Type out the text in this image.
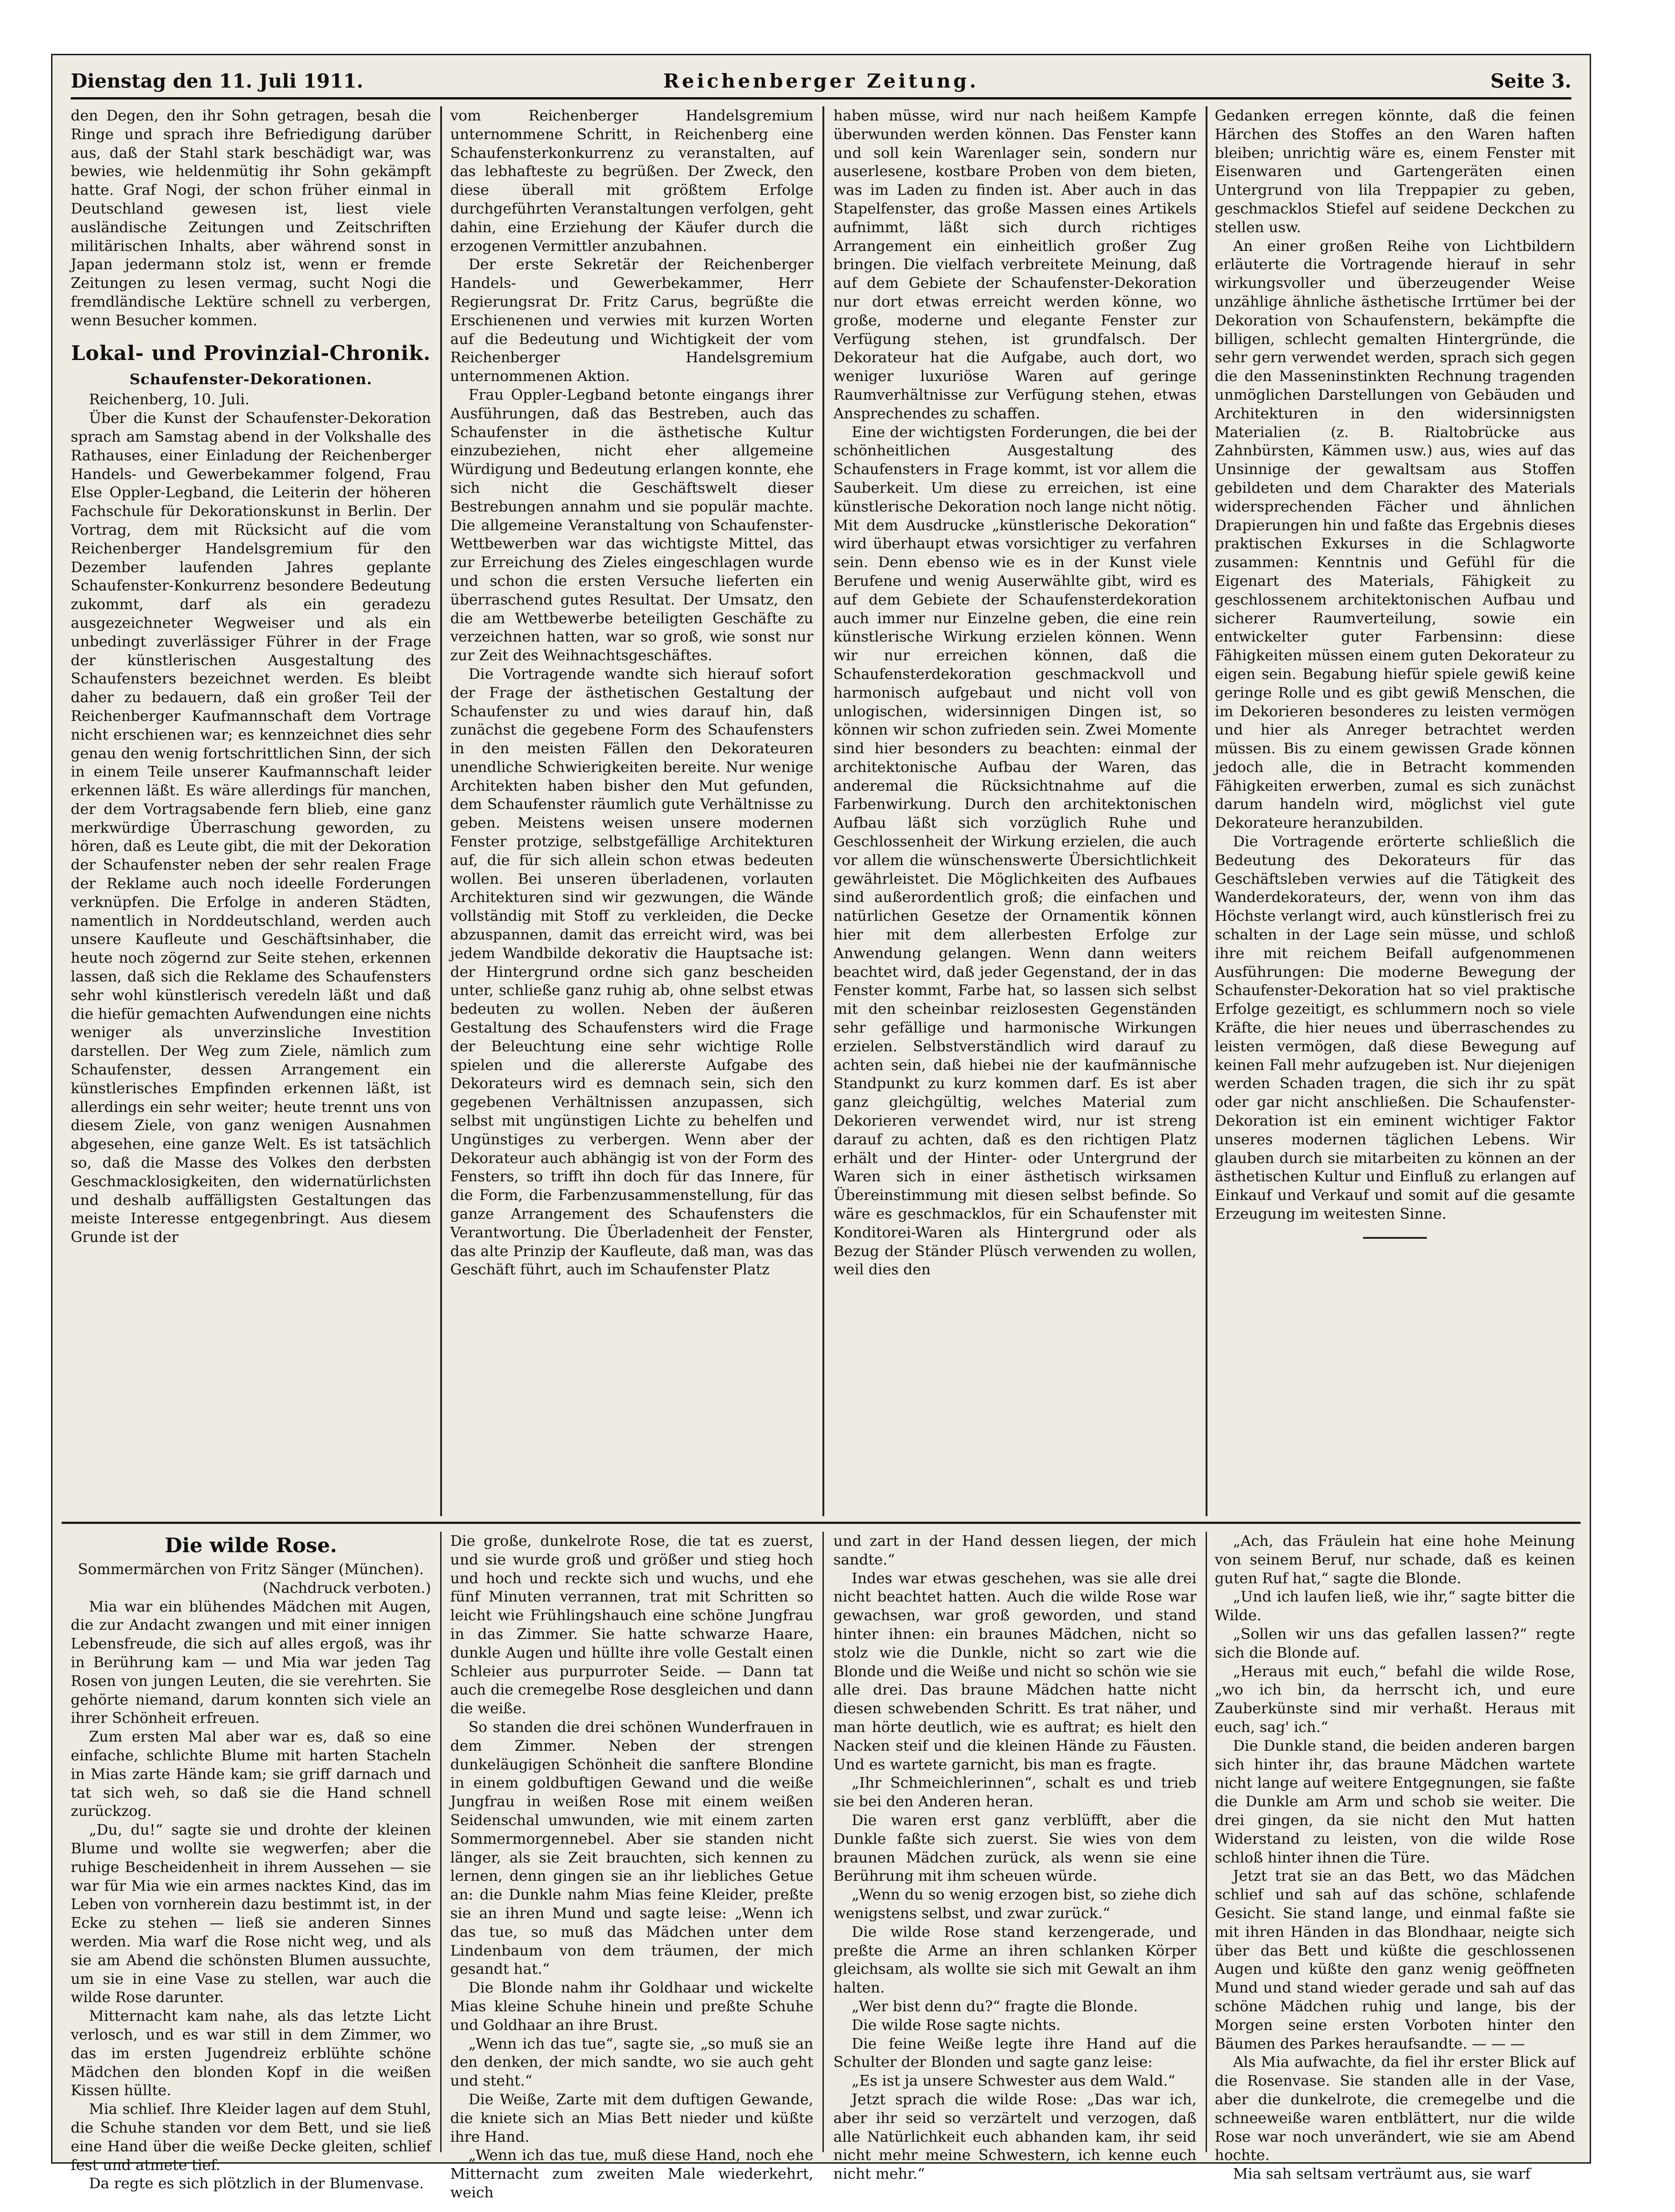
Dienstag den 11. Juli 1911.	Reichenberger Zeitung.	Seite 3.

den Degen, den ihr Sohn getragen, besah die Ringe und sprach ihre Befriedigung darüber aus, daß der Stahl stark beschädigt war, was bewies, wie heldenmütig ihr Sohn gekämpft hatte. Graf Nogi, der schon früher einmal in Deutschland gewesen ist, liest viele ausländische Zeitungen und Zeitschriften militärischen Inhalts, aber während sonst in Japan jedermann stolz ist, wenn er fremde Zeitungen zu lesen vermag, sucht Nogi die fremdländische Lektüre schnell zu verbergen, wenn Besucher kommen.

Lokal- und Provinzial-Chronik.
Schaufenster-Dekorationen.

Reichenberg, 10. Juli.

Über die Kunst der Schaufenster-Dekoration sprach am Samstag abend in der Volkshalle des Rathauses, einer Einladung der Reichenberger Handels- und Gewerbekammer folgend, Frau Else Oppler-Legband, die Leiterin der höheren Fachschule für Dekorationskunst in Berlin. Der Vortrag, dem mit Rücksicht auf die vom Reichenberger Handelsgremium für den Dezember laufenden Jahres geplante Schaufenster-Konkurrenz besondere Bedeutung zukommt, darf als ein geradezu ausgezeichneter Wegweiser und als ein unbedingt zuverlässiger Führer in der Frage der künstlerischen Ausgestaltung des Schaufensters bezeichnet werden. Es bleibt daher zu bedauern, daß ein großer Teil der Reichenberger Kaufmannschaft dem Vortrage nicht erschienen war; es kennzeichnet dies sehr genau den wenig fortschrittlichen Sinn, der sich in einem Teile unserer Kaufmannschaft leider erkennen läßt. Es wäre allerdings für manchen, der dem Vortragsabende fern blieb, eine ganz merkwürdige Überraschung geworden, zu hören, daß es Leute gibt, die mit der Dekoration der Schaufenster neben der sehr realen Frage der Reklame auch noch ideelle Forderungen verknüpfen. Die Erfolge in anderen Städten, namentlich in Norddeutschland, werden auch unsere Kaufleute und Geschäftsinhaber, die heute noch zögernd zur Seite stehen, erkennen lassen, daß sich die Reklame des Schaufensters sehr wohl künstlerisch veredeln läßt und daß die hiefür gemachten Aufwendungen eine nichts weniger als unverzinsliche Investition darstellen. Der Weg zum Ziele, nämlich zum Schaufenster, dessen Arrangement ein künstlerisches Empfinden erkennen läßt, ist allerdings ein sehr weiter; heute trennt uns von diesem Ziele, von ganz wenigen Ausnahmen abgesehen, eine ganze Welt. Es ist tatsächlich so, daß die Masse des Volkes den derbsten Geschmacklosigkeiten, den widernatürlichsten und deshalb auffälligsten Gestaltungen das meiste Interesse entgegenbringt. Aus diesem Grunde ist der

vom Reichenberger Handelsgremium unternommene Schritt, in Reichenberg eine Schaufensterkonkurrenz zu veranstalten, auf das lebhafteste zu begrüßen. Der Zweck, den diese überall mit größtem Erfolge durchgeführten Veranstaltungen verfolgen, geht dahin, eine Erziehung der Käufer durch die erzogenen Vermittler anzubahnen.

Der erste Sekretär der Reichenberger Handels- und Gewerbekammer, Herr Regierungsrat Dr. Fritz Carus, begrüßte die Erschienenen und verwies mit kurzen Worten auf die Bedeutung und Wichtigkeit der vom Reichenberger Handelsgremium unternommenen Aktion.

Frau Oppler-Legband betonte eingangs ihrer Ausführungen, daß das Bestreben, auch das Schaufenster in die ästhetische Kultur einzubeziehen, nicht eher allgemeine Würdigung und Bedeutung erlangen konnte, ehe sich nicht die Geschäftswelt dieser Bestrebungen annahm und sie populär machte. Die allgemeine Veranstaltung von Schaufenster-Wettbewerben war das wichtigste Mittel, das zur Erreichung des Zieles eingeschlagen wurde und schon die ersten Versuche lieferten ein überraschend gutes Resultat. Der Umsatz, den die am Wettbewerbe beteiligten Geschäfte zu verzeichnen hatten, war so groß, wie sonst nur zur Zeit des Weihnachtsgeschäftes.

Die Vortragende wandte sich hierauf sofort der Frage der ästhetischen Gestaltung der Schaufenster zu und wies darauf hin, daß zunächst die gegebene Form des Schaufensters in den meisten Fällen den Dekorateuren unendliche Schwierigkeiten bereite. Nur wenige Architekten haben bisher den Mut gefunden, dem Schaufenster räumlich gute Verhältnisse zu geben. Meistens weisen unsere modernen Fenster protzige, selbstgefällige Architekturen auf, die für sich allein schon etwas bedeuten wollen. Bei unseren überladenen, vorlauten Architekturen sind wir gezwungen, die Wände vollständig mit Stoff zu verkleiden, die Decke abzuspannen, damit das erreicht wird, was bei jedem Wandbilde dekorativ die Hauptsache ist: der Hintergrund ordne sich ganz bescheiden unter, schließe ganz ruhig ab, ohne selbst etwas bedeuten zu wollen. Neben der äußeren Gestaltung des Schaufensters wird die Frage der Beleuchtung eine sehr wichtige Rolle spielen und die allererste Aufgabe des Dekorateurs wird es demnach sein, sich den gegebenen Verhältnissen anzupassen, sich selbst mit ungünstigen Lichte zu behelfen und Ungünstiges zu verbergen. Wenn aber der Dekorateur auch abhängig ist von der Form des Fensters, so trifft ihn doch für das Innere, für die Form, die Farbenzusammenstellung, für das ganze Arrangement des Schaufensters die Verantwortung. Die Überladenheit der Fenster, das alte Prinzip der Kaufleute, daß man, was das Geschäft führt, auch im Schaufenster Platz

haben müsse, wird nur nach heißem Kampfe überwunden werden können. Das Fenster kann und soll kein Warenlager sein, sondern nur auserlesene, kostbare Proben von dem bieten, was im Laden zu finden ist. Aber auch in das Stapelfenster, das große Massen eines Artikels aufnimmt, läßt sich durch richtiges Arrangement ein einheitlich großer Zug bringen. Die vielfach verbreitete Meinung, daß auf dem Gebiete der Schaufenster-Dekoration nur dort etwas erreicht werden könne, wo große, moderne und elegante Fenster zur Verfügung stehen, ist grundfalsch. Der Dekorateur hat die Aufgabe, auch dort, wo weniger luxuriöse Waren auf geringe Raumverhältnisse zur Verfügung stehen, etwas Ansprechendes zu schaffen.

Eine der wichtigsten Forderungen, die bei der schönheitlichen Ausgestaltung des Schaufensters in Frage kommt, ist vor allem die Sauberkeit. Um diese zu erreichen, ist eine künstlerische Dekoration noch lange nicht nötig. Mit dem Ausdrucke „künstlerische Dekoration“ wird überhaupt etwas vorsichtiger zu verfahren sein. Denn ebenso wie es in der Kunst viele Berufene und wenig Auserwählte gibt, wird es auf dem Gebiete der Schaufensterdekoration auch immer nur Einzelne geben, die eine rein künstlerische Wirkung erzielen können. Wenn wir nur erreichen können, daß die Schaufensterdekoration geschmackvoll und harmonisch aufgebaut und nicht voll von unlogischen, widersinnigen Dingen ist, so können wir schon zufrieden sein. Zwei Momente sind hier besonders zu beachten: einmal der architektonische Aufbau der Waren, das anderemal die Rücksichtnahme auf die Farbenwirkung. Durch den architektonischen Aufbau läßt sich vorzüglich Ruhe und Geschlossenheit der Wirkung erzielen, die auch vor allem die wünschenswerte Übersichtlichkeit gewährleistet. Die Möglichkeiten des Aufbaues sind außerordentlich groß; die einfachen und natürlichen Gesetze der Ornamentik können hier mit dem allerbesten Erfolge zur Anwendung gelangen. Wenn dann weiters beachtet wird, daß jeder Gegenstand, der in das Fenster kommt, Farbe hat, so lassen sich selbst mit den scheinbar reizlosesten Gegenständen sehr gefällige und harmonische Wirkungen erzielen. Selbstverständlich wird darauf zu achten sein, daß hiebei nie der kaufmännische Standpunkt zu kurz kommen darf. Es ist aber ganz gleichgültig, welches Material zum Dekorieren verwendet wird, nur ist streng darauf zu achten, daß es den richtigen Platz erhält und der Hinter- oder Untergrund der Waren sich in einer ästhetisch wirksamen Übereinstimmung mit diesen selbst befinde. So wäre es geschmacklos, für ein Schaufenster mit Konditorei-Waren als Hintergrund oder als Bezug der Ständer Plüsch verwenden zu wollen, weil dies den

Gedanken erregen könnte, daß die feinen Härchen des Stoffes an den Waren haften bleiben; unrichtig wäre es, einem Fenster mit Eisenwaren und Gartengeräten einen Untergrund von lila Treppapier zu geben, geschmacklos Stiefel auf seidene Deckchen zu stellen usw.

An einer großen Reihe von Lichtbildern erläuterte die Vortragende hierauf in sehr wirkungsvoller und überzeugender Weise unzählige ähnliche ästhetische Irrtümer bei der Dekoration von Schaufenstern, bekämpfte die billigen, schlecht gemalten Hintergründe, die sehr gern verwendet werden, sprach sich gegen die den Masseninstinkten Rechnung tragenden unmöglichen Darstellungen von Gebäuden und Architekturen in den widersinnigsten Materialien (z. B. Rialtobrücke aus Zahnbürsten, Kämmen usw.) aus, wies auf das Unsinnige der gewaltsam aus Stoffen gebildeten und dem Charakter des Materials widersprechenden Fächer und ähnlichen Drapierungen hin und faßte das Ergebnis dieses praktischen Exkurses in die Schlagworte zusammen: Kenntnis und Gefühl für die Eigenart des Materials, Fähigkeit zu geschlossenem architektonischen Aufbau und sicherer Raumverteilung, sowie ein entwickelter guter Farbensinn: diese Fähigkeiten müssen einem guten Dekorateur zu eigen sein. Begabung hiefür spiele gewiß keine geringe Rolle und es gibt gewiß Menschen, die im Dekorieren besonderes zu leisten vermögen und hier als Anreger betrachtet werden müssen. Bis zu einem gewissen Grade können jedoch alle, die in Betracht kommenden Fähigkeiten erwerben, zumal es sich zunächst darum handeln wird, möglichst viel gute Dekorateure heranzubilden.

Die Vortragende erörterte schließlich die Bedeutung des Dekorateurs für das Geschäftsleben verwies auf die Tätigkeit des Wanderdekorateurs, der, wenn von ihm das Höchste verlangt wird, auch künstlerisch frei zu schalten in der Lage sein müsse, und schloß ihre mit reichem Beifall aufgenommenen Ausführungen: Die moderne Bewegung der Schaufenster-Dekoration hat so viel praktische Erfolge gezeitigt, es schlummern noch so viele Kräfte, die hier neues und überraschendes zu leisten vermögen, daß diese Bewegung auf keinen Fall mehr aufzugeben ist. Nur diejenigen werden Schaden tragen, die sich ihr zu spät oder gar nicht anschließen. Die Schaufenster-Dekoration ist ein eminent wichtiger Faktor unseres modernen täglichen Lebens. Wir glauben durch sie mitarbeiten zu können an der ästhetischen Kultur und Einfluß zu erlangen auf Einkauf und Verkauf und somit auf die gesamte Erzeugung im weitesten Sinne.

Die wilde Rose.

Sommermärchen von Fritz Sänger (München).

(Nachdruck verboten.)

Mia war ein blühendes Mädchen mit Augen, die zur Andacht zwangen und mit einer innigen Lebensfreude, die sich auf alles ergoß, was ihr in Berührung kam — und Mia war jeden Tag Rosen von jungen Leuten, die sie verehrten. Sie gehörte niemand, darum konnten sich viele an ihrer Schönheit erfreuen.

Zum ersten Mal aber war es, daß so eine einfache, schlichte Blume mit harten Stacheln in Mias zarte Hände kam; sie griff darnach und tat sich weh, so daß sie die Hand schnell zurückzog.

„Du, du!“ sagte sie und drohte der kleinen Blume und wollte sie wegwerfen; aber die ruhige Bescheidenheit in ihrem Aussehen — sie war für Mia wie ein armes nacktes Kind, das im Leben von vornherein dazu bestimmt ist, in der Ecke zu stehen — ließ sie anderen Sinnes werden. Mia warf die Rose nicht weg, und als sie am Abend die schönsten Blumen aussuchte, um sie in eine Vase zu stellen, war auch die wilde Rose darunter.

Mitternacht kam nahe, als das letzte Licht verlosch, und es war still in dem Zimmer, wo das im ersten Jugendreiz erblühte schöne Mädchen den blonden Kopf in die weißen Kissen hüllte.

Mia schlief. Ihre Kleider lagen auf dem Stuhl, die Schuhe standen vor dem Bett, und sie ließ eine Hand über die weiße Decke gleiten, schlief fest und atmete tief.

Da regte es sich plötzlich in der Blumenvase.

Die große, dunkelrote Rose, die tat es zuerst, und sie wurde groß und größer und stieg hoch und hoch und reckte sich und wuchs, und ehe fünf Minuten verrannen, trat mit Schritten so leicht wie Frühlingshauch eine schöne Jungfrau in das Zimmer. Sie hatte schwarze Haare, dunkle Augen und hüllte ihre volle Gestalt einen Schleier aus purpurroter Seide. — Dann tat auch die cremegelbe Rose desgleichen und dann die weiße.

So standen die drei schönen Wunderfrauen in dem Zimmer. Neben der strengen dunkeläugigen Schönheit die sanftere Blondine in einem goldbuftigen Gewand und die weiße Jungfrau in weißen Rose mit einem weißen Seidenschal umwunden, wie mit einem zarten Sommermorgennebel. Aber sie standen nicht länger, als sie Zeit brauchten, sich kennen zu lernen, denn gingen sie an ihr liebliches Getue an: die Dunkle nahm Mias feine Kleider, preßte sie an ihren Mund und sagte leise: „Wenn ich das tue, so muß das Mädchen unter dem Lindenbaum von dem träumen, der mich gesandt hat.“

Die Blonde nahm ihr Goldhaar und wickelte Mias kleine Schuhe hinein und preßte Schuhe und Goldhaar an ihre Brust.

„Wenn ich das tue“, sagte sie, „so muß sie an den denken, der mich sandte, wo sie auch geht und steht.“

Die Weiße, Zarte mit dem duftigen Gewande, die kniete sich an Mias Bett nieder und küßte ihre Hand.

„Wenn ich das tue, muß diese Hand, noch ehe Mitternacht zum zweiten Male wiederkehrt, weich

und zart in der Hand dessen liegen, der mich sandte.“

Indes war etwas geschehen, was sie alle drei nicht beachtet hatten. Auch die wilde Rose war gewachsen, war groß geworden, und stand hinter ihnen: ein braunes Mädchen, nicht so stolz wie die Dunkle, nicht so zart wie die Blonde und die Weiße und nicht so schön wie sie alle drei. Das braune Mädchen hatte nicht diesen schwebenden Schritt. Es trat näher, und man hörte deutlich, wie es auftrat; es hielt den Nacken steif und die kleinen Hände zu Fäusten. Und es wartete garnicht, bis man es fragte.

„Ihr Schmeichlerinnen“, schalt es und trieb sie bei den Anderen heran.

Die waren erst ganz verblüfft, aber die Dunkle faßte sich zuerst. Sie wies von dem braunen Mädchen zurück, als wenn sie eine Berührung mit ihm scheuen würde.

„Wenn du so wenig erzogen bist, so ziehe dich wenigstens selbst, und zwar zurück.“

Die wilde Rose stand kerzengerade, und preßte die Arme an ihren schlanken Körper gleichsam, als wollte sie sich mit Gewalt an ihm halten.

„Wer bist denn du?“ fragte die Blonde.

Die wilde Rose sagte nichts.

Die feine Weiße legte ihre Hand auf die Schulter der Blonden und sagte ganz leise:

„Es ist ja unsere Schwester aus dem Wald.“

Jetzt sprach die wilde Rose: „Das war ich, aber ihr seid so verzärtelt und verzogen, daß alle Natürlichkeit euch abhanden kam, ihr seid nicht mehr meine Schwestern, ich kenne euch nicht mehr.“

„Ach, das Fräulein hat eine hohe Meinung von seinem Beruf, nur schade, daß es keinen guten Ruf hat,“ sagte die Blonde.

„Und ich laufen ließ, wie ihr,“ sagte bitter die Wilde.

„Sollen wir uns das gefallen lassen?“ regte sich die Blonde auf.

„Heraus mit euch,“ befahl die wilde Rose, „wo ich bin, da herrscht ich, und eure Zauberkünste sind mir verhaßt. Heraus mit euch, sag' ich.“

Die Dunkle stand, die beiden anderen bargen sich hinter ihr, das braune Mädchen wartete nicht lange auf weitere Entgegnungen, sie faßte die Dunkle am Arm und schob sie weiter. Die drei gingen, da sie nicht den Mut hatten Widerstand zu leisten, von die wilde Rose schloß hinter ihnen die Türe.

Jetzt trat sie an das Bett, wo das Mädchen schlief und sah auf das schöne, schlafende Gesicht. Sie stand lange, und einmal faßte sie mit ihren Händen in das Blondhaar, neigte sich über das Bett und küßte die geschlossenen Augen und küßte den ganz wenig geöffneten Mund und stand wieder gerade und sah auf das schöne Mädchen ruhig und lange, bis der Morgen seine ersten Vorboten hinter den Bäumen des Parkes heraufsandte. — — —

Als Mia aufwachte, da fiel ihr erster Blick auf die Rosenvase. Sie standen alle in der Vase, aber die dunkelrote, die cremegelbe und die schneeweiße waren entblättert, nur die wilde Rose war noch unverändert, wie sie am Abend hochte.

Mia sah seltsam verträumt aus, sie warf
